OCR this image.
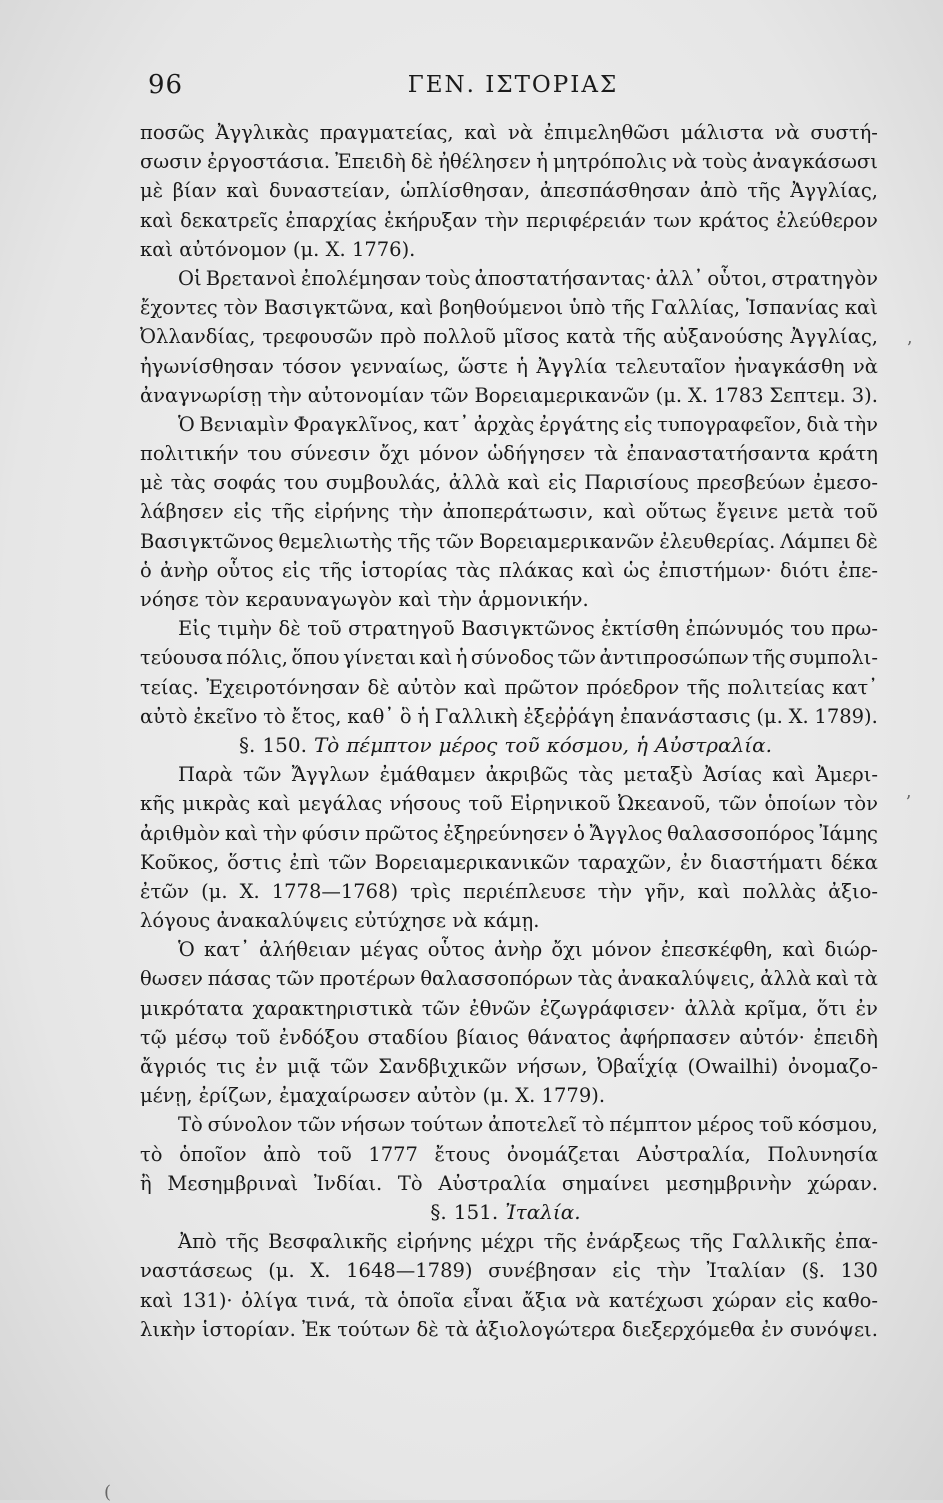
96	ΓΕΝ. ΙΣΤΟΡΙΑΣ
ποσῶς Ἀγγλικὰς πραγματείας, καὶ νὰ ἐπιμεληθῶσι μάλιστα νὰ συστή-
σωσιν ἐργοστάσια. Ἐπειδὴ δὲ ἠθέλησεν ἡ μητρόπολις νὰ τοὺς ἀναγκάσωσι
μὲ βίαν καὶ δυναστείαν, ὡπλίσθησαν, ἀπεσπάσθησαν ἀπὸ τῆς Ἀγγλίας,
καὶ δεκατρεῖς ἐπαρχίας ἐκήρυξαν τὴν περιφέρειάν των κράτος ἐλεύθερον
καὶ αὐτόνομον (μ. Χ. 1776).
Οἱ Βρετανοὶ ἐπολέμησαν τοὺς ἀποστατήσαντας· ἀλλ᾿ οὗτοι, στρατηγὸν
ἔχοντες τὸν Βασιγκτῶνα, καὶ βοηθούμενοι ὑπὸ τῆς Γαλλίας, Ἱσπανίας καὶ
Ὀλλανδίας, τρεφουσῶν πρὸ πολλοῦ μῖσος κατὰ τῆς αὐξανούσης Ἀγγλίας,
ἠγωνίσθησαν τόσον γενναίως, ὥστε ἡ Ἀγγλία τελευταῖον ἠναγκάσθη νὰ
ἀναγνωρίσῃ τὴν αὐτονομίαν τῶν Βορειαμερικανῶν (μ. Χ. 1783 Σεπτεμ. 3).
Ὁ Βενιαμὶν Φραγκλῖνος, κατ᾿ ἀρχὰς ἐργάτης εἰς τυπογραφεῖον, διὰ τὴν
πολιτικήν του σύνεσιν ὄχι μόνον ὡδήγησεν τὰ ἐπαναστατήσαντα κράτη
μὲ τὰς σοφάς του συμβουλάς, ἀλλὰ καὶ εἰς Παρισίους πρεσβεύων ἐμεσο-
λάβησεν εἰς τῆς εἰρήνης τὴν ἀποπεράτωσιν, καὶ οὕτως ἔγεινε μετὰ τοῦ
Βασιγκτῶνος θεμελιωτὴς τῆς τῶν Βορειαμερικανῶν ἐλευθερίας. Λάμπει δὲ
ὁ ἀνὴρ οὗτος εἰς τῆς ἱστορίας τὰς πλάκας καὶ ὡς ἐπιστήμων· διότι ἐπε-
νόησε τὸν κεραυναγωγὸν καὶ τὴν ἁρμονικήν.
Εἰς τιμὴν δὲ τοῦ στρατηγοῦ Βασιγκτῶνος ἐκτίσθη ἐπώνυμός του πρω-
τεύουσα πόλις, ὅπου γίνεται καὶ ἡ σύνοδος τῶν ἀντιπροσώπων τῆς συμπολι-
τείας. Ἐχειροτόνησαν δὲ αὐτὸν καὶ πρῶτον πρόεδρον τῆς πολιτείας κατ᾿
αὐτὸ ἐκεῖνο τὸ ἔτος, καθ᾿ ὃ ἡ Γαλλικὴ ἐξεῤῥάγη ἐπανάστασις (μ. Χ. 1789).
§. 150. Τὸ πέμπτον μέρος τοῦ κόσμου, ἡ Αὐστραλία.
Παρὰ τῶν Ἄγγλων ἐμάθαμεν ἀκριβῶς τὰς μεταξὺ Ἀσίας καὶ Ἀμερι-
κῆς μικρὰς καὶ μεγάλας νήσους τοῦ Εἰρηνικοῦ Ὠκεανοῦ, τῶν ὁποίων τὸν
ἀριθμὸν καὶ τὴν φύσιν πρῶτος ἐξηρεύνησεν ὁ Ἄγγλος θαλασσοπόρος Ἰάμης
Κοῦκος, ὅστις ἐπὶ τῶν Βορειαμερικανικῶν ταραχῶν, ἐν διαστήματι δέκα
ἐτῶν (μ. Χ. 1778—1768) τρὶς περιέπλευσε τὴν γῆν, καὶ πολλὰς ἀξιο-
λόγους ἀνακαλύψεις εὐτύχησε νὰ κάμῃ.
Ὁ κατ᾿ ἀλήθειαν μέγας οὗτος ἀνὴρ ὄχι μόνον ἐπεσκέφθη, καὶ διώρ-
θωσεν πάσας τῶν προτέρων θαλασσοπόρων τὰς ἀνακαλύψεις, ἀλλὰ καὶ τὰ
μικρότατα χαρακτηριστικὰ τῶν ἐθνῶν ἐζωγράφισεν· ἀλλὰ κρῖμα, ὅτι ἐν
τῷ μέσῳ τοῦ ἐνδόξου σταδίου βίαιος θάνατος ἀφήρπασεν αὐτόν· ἐπειδὴ
ἄγριός τις ἐν μιᾷ τῶν Σανδβιχικῶν νήσων, Ὀβαΐχίᾳ (Owailhi) ὀνομαζο-
μένῃ, ἐρίζων, ἐμαχαίρωσεν αὐτὸν (μ. Χ. 1779).
Τὸ σύνολον τῶν νήσων τούτων ἀποτελεῖ τὸ πέμπτον μέρος τοῦ κόσμου,
τὸ ὁποῖον ἀπὸ τοῦ 1777 ἔτους ὀνομάζεται Αὐστραλία, Πολυνησία
ἢ Μεσημβριναὶ Ἰνδίαι. Τὸ Αὐστραλία σημαίνει μεσημβρινὴν χώραν.
§. 151. Ἰταλία.
Ἀπὸ τῆς Βεσφαλικῆς εἰρήνης μέχρι τῆς ἐνάρξεως τῆς Γαλλικῆς ἐπα-
ναστάσεως (μ. Χ. 1648—1789) συνέβησαν εἰς τὴν Ἰταλίαν (§. 130
καὶ 131)· ὀλίγα τινά, τὰ ὁποῖα εἶναι ἄξια νὰ κατέχωσι χώραν εἰς καθο-
λικὴν ἱστορίαν. Ἐκ τούτων δὲ τὰ ἀξιολογώτερα διεξερχόμεθα ἐν συνόψει.
ʼ
ʼ
(
